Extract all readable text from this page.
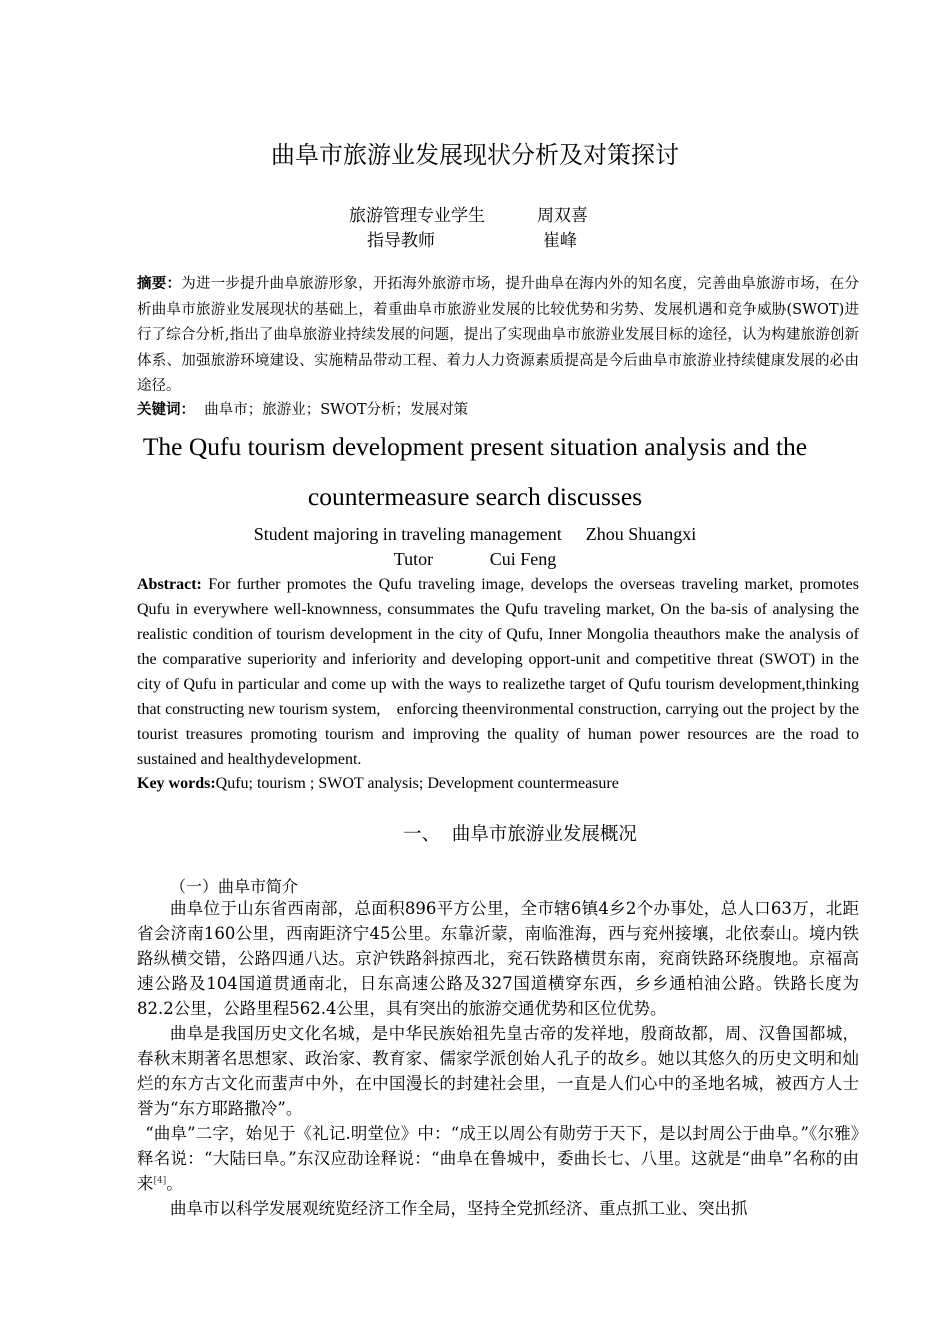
曲阜市旅游业发展现状分析及对策探讨
旅游管理专业学生	周双喜
指导教师	崔峰
摘要：为进一步提升曲阜旅游形象，开拓海外旅游市场，提升曲阜在海内外的知名度，完善曲阜旅游市场，在分析曲阜市旅游业发展现状的基础上，着重曲阜市旅游业发展的比较优势和劣势、发展机遇和竞争威胁(SWOT)进行了综合分析,指出了曲阜旅游业持续发展的问题，提出了实现曲阜市旅游业发展目标的途径，认为构建旅游创新体系、加强旅游环境建设、实施精品带动工程、着力人力资源素质提高是今后曲阜市旅游业持续健康发展的必由途径。
关键词： 曲阜市；旅游业；SWOT分析；发展对策
The Qufu tourism development present situation analysis and the
countermeasure search discusses
Student majoring in traveling management Zhou Shuangxi
Tutor	Cui Feng
Abstract: For further promotes the Qufu traveling image, develops the overseas traveling market, promotes Qufu in everywhere well-knownness, consummates the Qufu traveling market, On the ba-sis of analysing the realistic condition of tourism development in the city of Qufu, Inner Mongolia theauthors make the analysis of the comparative superiority and inferiority and developing opport-unit and competitive threat (SWOT) in the city of Qufu in particular and come up with the ways to realizethe target of Qufu tourism development,thinking that constructing new tourism system,    enforcing theenvironmental construction, carrying out the project by the tourist treasures promoting tourism and improving the quality of human power resources are the road to sustained and healthydevelopment.
Key words:Qufu; tourism ; SWOT analysis; Development countermeasure
一、  曲阜市旅游业发展概况
（一）曲阜市简介

曲阜位于山东省西南部，总面积896平方公里，全市辖6镇4乡2个办事处，总人口63万，北距省会济南160公里，西南距济宁45公里。东靠沂蒙，南临淮海，西与兖州接壤，北依泰山。境内铁路纵横交错，公路四通八达。京沪铁路斜掠西北，兖石铁路横贯东南，兖商铁路环绕腹地。京福高速公路及104国道贯通南北，日东高速公路及327国道横穿东西，乡乡通柏油公路。铁路长度为82.2公里，公路里程562.4公里，具有突出的旅游交通优势和区位优势。

曲阜是我国历史文化名城，是中华民族始祖先皇古帝的发祥地，殷商故都，周、汉鲁国都城，春秋末期著名思想家、政治家、教育家、儒家学派创始人孔子的故乡。她以其悠久的历史文明和灿烂的东方古文化而蜚声中外，在中国漫长的封建社会里，一直是人们心中的圣地名城，被西方人士誉为“东方耶路撒冷”。

“曲阜”二字，始见于《礼记.明堂位》中：“成王以周公有勋劳于天下，是以封周公于曲阜。”《尔雅》释名说：“大陆曰阜。”东汉应劭诠释说：“曲阜在鲁城中，委曲长七、八里。这就是“曲阜”名称的由来[4]。

曲阜市以科学发展观统览经济工作全局，坚持全党抓经济、重点抓工业、突出抓
